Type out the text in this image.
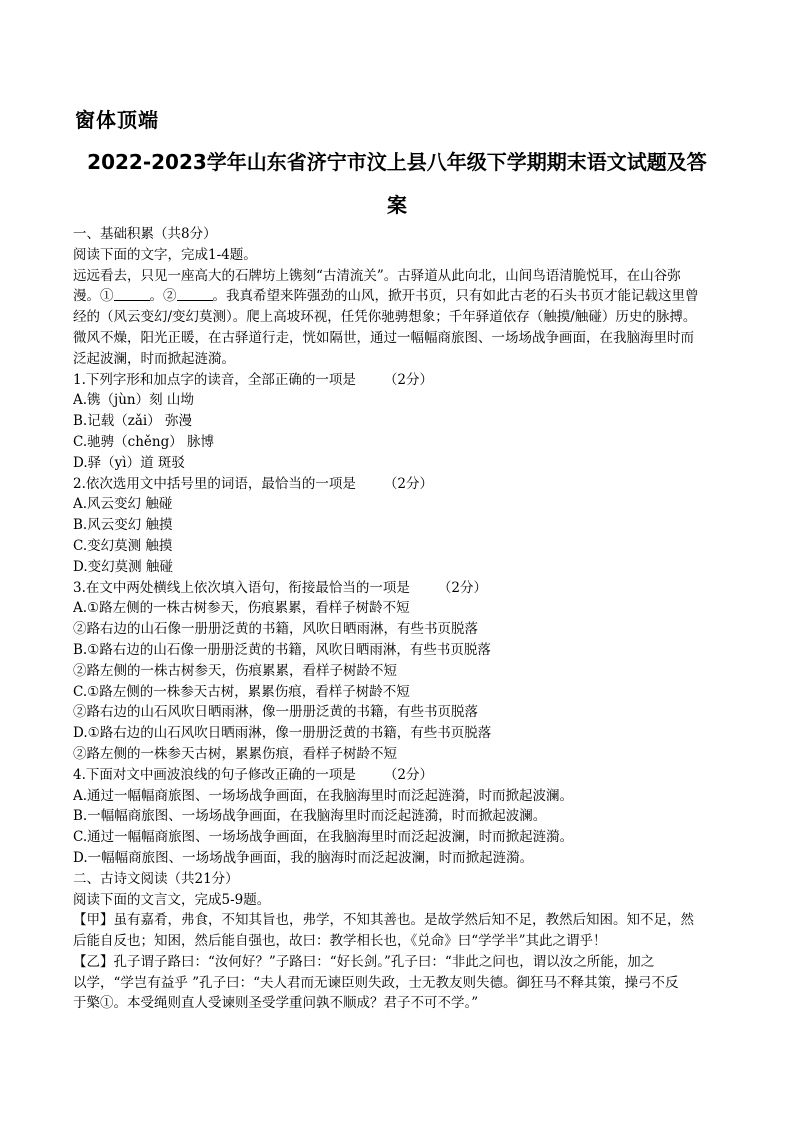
窗体顶端
2022-2023学年山东省济宁市汶上县八年级下学期期末语文试题及答
案
一、基础积累（共8分）
阅读下面的文字，完成1-4题。
远远看去，只见一座高大的石牌坊上镌刻“古清流关”。古驿道从此向北，山间鸟语清脆悦耳，在山谷弥
漫。①	。②	。我真希望来阵强劲的山风，掀开书页，只有如此古老的石头书页才能记载这里曾
经的（风云变幻/变幻莫测）。爬上高坡环视，任凭你驰骋想象；千年驿道依存（触摸/触碰）历史的脉搏。
微风不燥，阳光正暖，在古驿道行走，恍如隔世，通过一幅幅商旅图、一场场战争画面，在我脑海里时而
泛起波澜，时而掀起涟漪。
1.下列字形和加点字的读音，全部正确的一项是 （2分）
A.镌（jùn）刻 山坳
B.记载（zǎi） 弥漫
C.驰骋（chěng） 脉博
D.驿（yì）道 斑驳
2.依次选用文中括号里的词语，最恰当的一项是 （2分）
A.风云变幻 触碰
B.风云变幻 触摸
C.变幻莫测 触摸
D.变幻莫测 触碰
3.在文中两处横线上依次填入语句，衔接最恰当的一项是 （2分）
A.①路左侧的一株古树参天，伤痕累累，看样子树龄不短
②路右边的山石像一册册泛黄的书籍，风吹日晒雨淋，有些书页脱落
B.①路右边的山石像一册册泛黄的书籍，风吹日晒雨淋，有些书页脱落
②路左侧的一株古树参天，伤痕累累，看样子树龄不短
C.①路左侧的一株参天古树，累累伤痕，看样子树龄不短
②路右边的山石风吹日晒雨淋，像一册册泛黄的书籍，有些书页脱落
D.①路右边的山石风吹日晒雨淋，像一册册泛黄的书籍，有些书页脱落
②路左侧的一株参天古树，累累伤痕，看样子树龄不短
4.下面对文中画波浪线的句子修改正确的一项是 （2分）
A.通过一幅幅商旅图、一场场战争画面，在我脑海里时而泛起涟漪，时而掀起波澜。
B.一幅幅商旅图、一场场战争画面，在我脑海里时而泛起涟漪，时而掀起波澜。
C.通过一幅幅商旅图、一场场战争画面，在我脑海里时而泛起波澜，时而掀起涟漪。
D.一幅幅商旅图、一场场战争画面，我的脑海时而泛起波澜，时而掀起涟漪。
二、古诗文阅读（共21分）
阅读下面的文言文，完成5-9题。
【甲】虽有嘉肴，弗食，不知其旨也，弗学，不知其善也。是故学然后知不足，教然后知困。知不足，然
后能自反也；知困，然后能自强也，故曰：教学相长也，《兑命》曰“学学半”其此之谓乎！
【乙】孔子谓子路曰：“汝何好？”子路曰：“好长剑。”孔子曰：“非此之问也，谓以汝之所能，加之
以学，“学岂有益乎 ”孔子曰：“夫人君而无谏臣则失政，士无教友则失德。御狂马不释其策，操弓不反
于檠①。本受绳则直人受谏则圣受学重问孰不顺成？君子不可不学。”
